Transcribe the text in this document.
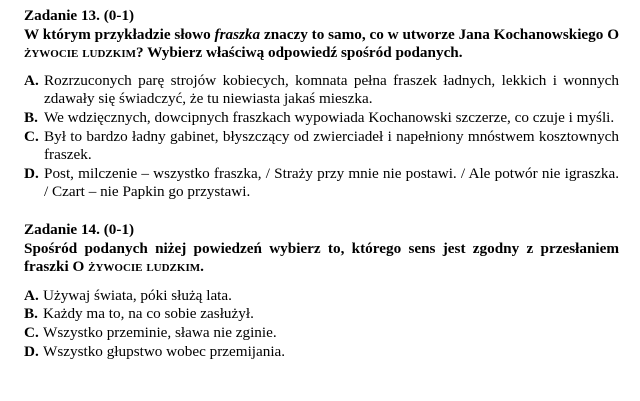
Zadanie 13. (0-1)

W którym przykładzie słowo fraszka znaczy to samo, co w utworze Jana Kochanowskiego O żywocie ludzkim? Wybierz właściwą odpowiedź spośród podanych.

A. Rozrzuconych parę strojów kobiecych, komnata pełna fraszek ładnych, lekkich i wonnych zdawały się świadczyć, że tu niewiasta jakaś mieszka.
B. We wdzięcznych, dowcipnych fraszkach wypowiada Kochanowski szczerze, co czuje i myśli.
C. Był to bardzo ładny gabinet, błyszczący od zwierciadeł i napełniony mnóstwem kosztownych fraszek.
D. Post, milczenie – wszystko fraszka, / Straży przy mnie nie postawi. / Ale potwór nie igraszka. / Czart – nie Papkin go przystawi.

Zadanie 14. (0-1)

Spośród podanych niżej powiedzeń wybierz to, którego sens jest zgodny z przesłaniem fraszki O żywocie ludzkim.

A. Używaj świata, póki służą lata.
B. Każdy ma to, na co sobie zasłużył.
C. Wszystko przeminie, sława nie zginie.
D. Wszystko głupstwo wobec przemijania.
